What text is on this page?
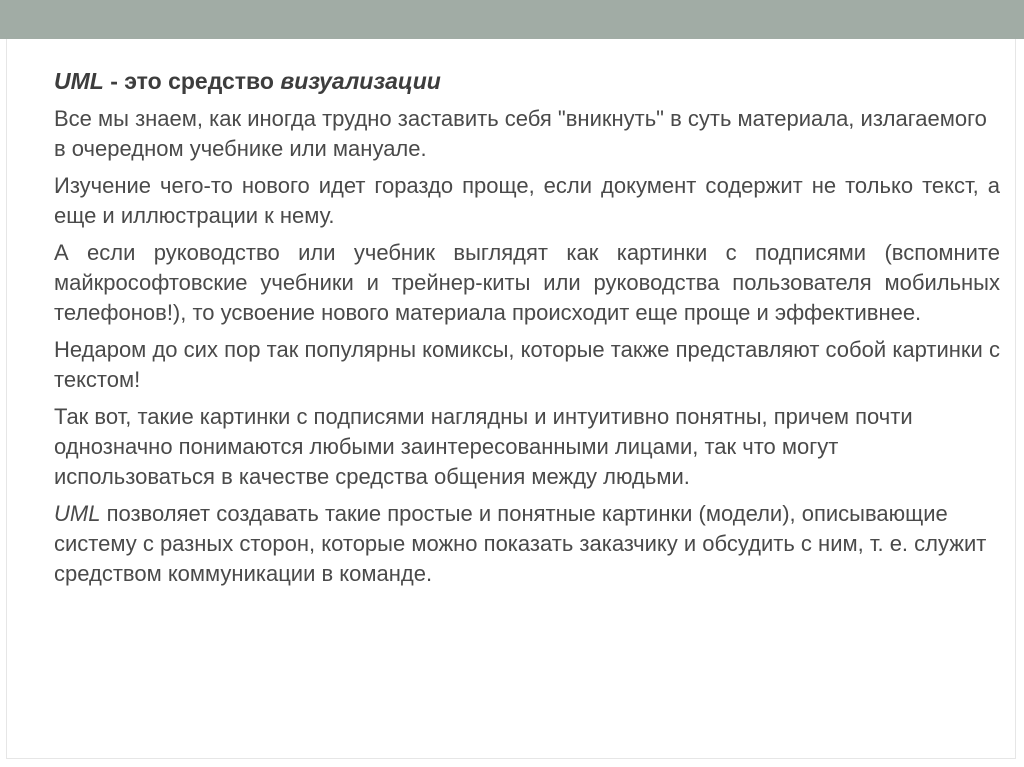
UML - это средство визуализации

Все мы знаем, как иногда трудно заставить себя "вникнуть" в суть материала, излагаемого в очередном учебнике или мануале.

Изучение чего-то нового идет гораздо проще, если документ содержит не только текст, а еще и иллюстрации к нему.

А если руководство или учебник выглядят как картинки с подписями (вспомните майкрософтовские учебники и трейнер-киты или руководства пользователя мобильных телефонов!), то усвоение нового материала происходит еще проще и эффективнее.

Недаром до сих пор так популярны комиксы, которые также представляют собой картинки с текстом!

Так вот, такие картинки с подписями наглядны и интуитивно понятны, причем почти однозначно понимаются любыми заинтересованными лицами, так что могут использоваться в качестве средства общения между людьми.

UML позволяет создавать такие простые и понятные картинки (модели), описывающие систему с разных сторон, которые можно показать заказчику и обсудить с ним, т. е. служит средством коммуникации в команде.
